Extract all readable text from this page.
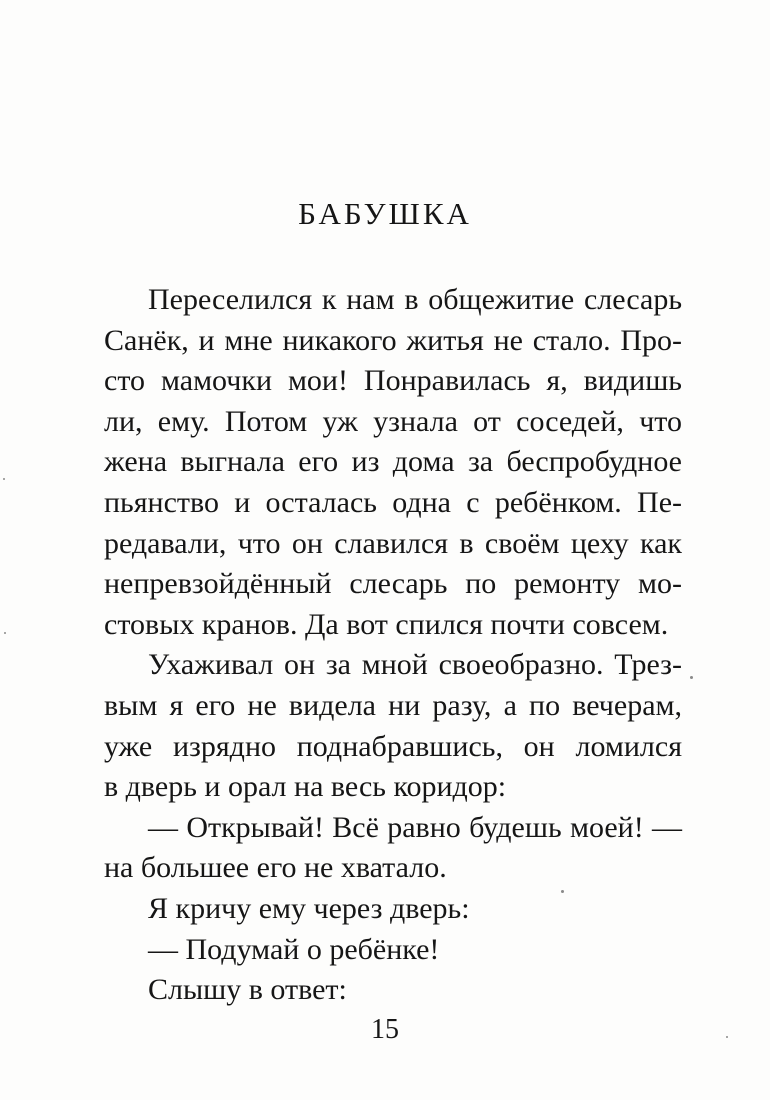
БАБУШКА
Переселился к нам в общежитие слесарь
Санёк, и мне никакого житья не стало. Про-
сто мамочки мои! Понравилась я, видишь
ли, ему. Потом уж узнала от соседей, что
жена выгнала его из дома за беспробудное
пьянство и осталась одна с ребёнком. Пе-
редавали, что он славился в своём цеху как
непревзойдённый слесарь по ремонту мо-
стовых кранов. Да вот спился почти совсем.
Ухаживал он за мной своеобразно. Трез-
вым я его не видела ни разу, а по вечерам,
уже изрядно поднабравшись, он ломился
в дверь и орал на весь коридор:
— Открывай! Всё равно будешь моей! —
на большее его не хватало.
Я кричу ему через дверь:
— Подумай о ребёнке!
Слышу в ответ:
15
